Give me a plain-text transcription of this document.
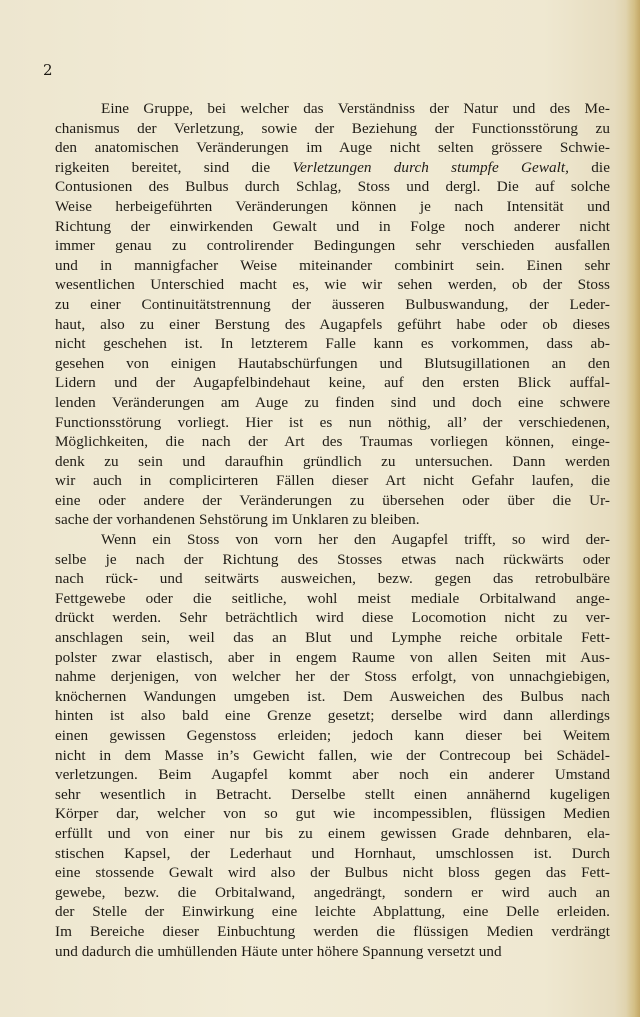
2

Eine Gruppe, bei welcher das Verständniss der Natur und des Me-
chanismus der Verletzung, sowie der Beziehung der Functionsstörung zu
den anatomischen Veränderungen im Auge nicht selten grössere Schwie-
rigkeiten bereitet, sind die Verletzungen durch stumpfe Gewalt, die
Contusionen des Bulbus durch Schlag, Stoss und dergl. Die auf solche
Weise herbeigeführten Veränderungen können je nach Intensität und
Richtung der einwirkenden Gewalt und in Folge noch anderer nicht
immer genau zu controlirender Bedingungen sehr verschieden ausfallen
und in mannigfacher Weise miteinander combinirt sein. Einen sehr
wesentlichen Unterschied macht es, wie wir sehen werden, ob der Stoss
zu einer Continuitätstrennung der äusseren Bulbuswandung, der Leder-
haut, also zu einer Berstung des Augapfels geführt habe oder ob dieses
nicht geschehen ist. In letzterem Falle kann es vorkommen, dass ab-
gesehen von einigen Hautabschürfungen und Blutsugillationen an den
Lidern und der Augapfelbindehaut keine, auf den ersten Blick auffal-
lenden Veränderungen am Auge zu finden sind und doch eine schwere
Functionsstörung vorliegt. Hier ist es nun nöthig, all’ der verschiedenen,
Möglichkeiten, die nach der Art des Traumas vorliegen können, einge-
denk zu sein und daraufhin gründlich zu untersuchen. Dann werden
wir auch in complicirteren Fällen dieser Art nicht Gefahr laufen, die
eine oder andere der Veränderungen zu übersehen oder über die Ur-
sache der vorhandenen Sehstörung im Unklaren zu bleiben.
Wenn ein Stoss von vorn her den Augapfel trifft, so wird der-
selbe je nach der Richtung des Stosses etwas nach rückwärts oder
nach rück- und seitwärts ausweichen, bezw. gegen das retrobulbäre
Fettgewebe oder die seitliche, wohl meist mediale Orbitalwand ange-
drückt werden. Sehr beträchtlich wird diese Locomotion nicht zu ver-
anschlagen sein, weil das an Blut und Lymphe reiche orbitale Fett-
polster zwar elastisch, aber in engem Raume von allen Seiten mit Aus-
nahme derjenigen, von welcher her der Stoss erfolgt, von unnachgiebigen,
knöchernen Wandungen umgeben ist. Dem Ausweichen des Bulbus nach
hinten ist also bald eine Grenze gesetzt; derselbe wird dann allerdings
einen gewissen Gegenstoss erleiden; jedoch kann dieser bei Weitem
nicht in dem Masse in’s Gewicht fallen, wie der Contrecoup bei Schädel-
verletzungen. Beim Augapfel kommt aber noch ein anderer Umstand
sehr wesentlich in Betracht. Derselbe stellt einen annähernd kugeligen
Körper dar, welcher von so gut wie incompessiblen, flüssigen Medien
erfüllt und von einer nur bis zu einem gewissen Grade dehnbaren, ela-
stischen Kapsel, der Lederhaut und Hornhaut, umschlossen ist. Durch
eine stossende Gewalt wird also der Bulbus nicht bloss gegen das Fett-
gewebe, bezw. die Orbitalwand, angedrängt, sondern er wird auch an
der Stelle der Einwirkung eine leichte Abplattung, eine Delle erleiden.
Im Bereiche dieser Einbuchtung werden die flüssigen Medien verdrängt
und dadurch die umhüllenden Häute unter höhere Spannung versetzt und
